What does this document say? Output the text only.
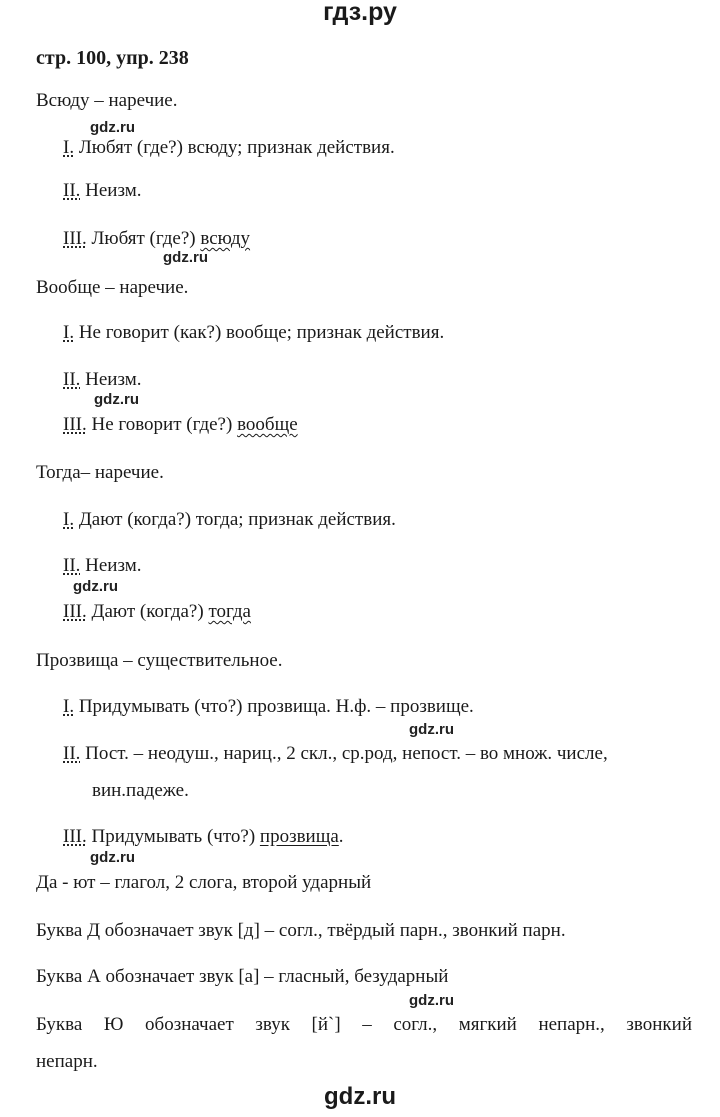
гдз.ру
стр. 100, упр. 238
Всюду – наречие.
gdz.ru
I. Любят (где?) всюду; признак действия.
II. Неизм.
III. Любят (где?) всюду
gdz.ru
Вообще – наречие.
I. Не говорит (как?) вообще; признак действия.
II. Неизм.
gdz.ru
III. Не говорит (где?) вообще
Тогда– наречие.
I. Дают (когда?) тогда; признак действия.
II. Неизм.
gdz.ru
III. Дают (когда?) тогда
Прозвища – существительное.
I. Придумывать (что?) прозвища. Н.ф. – прозвище.
gdz.ru
II. Пост. – неодуш., нариц., 2 скл., ср.род, непост. – во множ. числе,
вин.падеже.
III. Придумывать (что?) прозвища.
gdz.ru
Да - ют – глагол, 2 слога, второй ударный
Буква Д обозначает звук [д] – согл., твёрдый парн., звонкий парн.
Буква А обозначает звук [а] – гласный, безударный
gdz.ru
Буква Ю обозначает звук [й`] – согл., мягкий непарн., звонкий
непарн.
gdz.ru
